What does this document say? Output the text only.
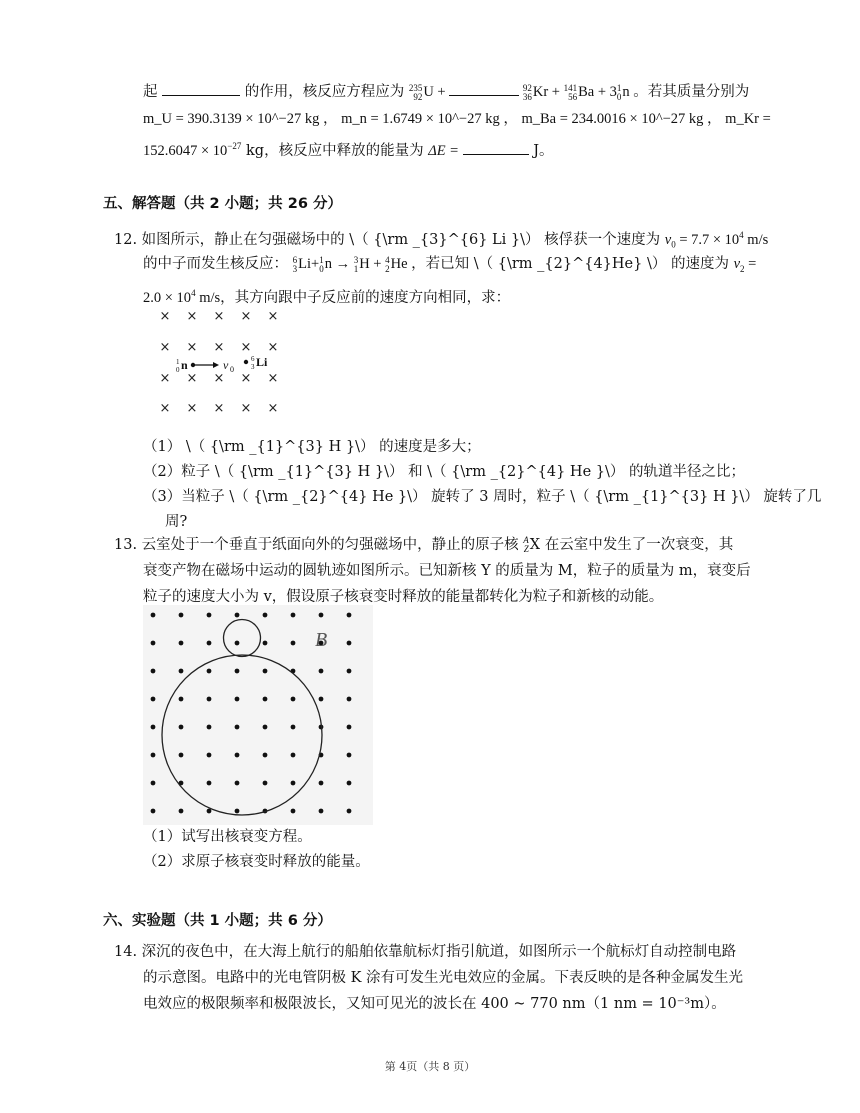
起	的作用，核反应方程应为 235
92 U +	92
36 Kr + 141
56 Ba + 3 1
0 n 。若其质量分别为
m_U = 390.3139 × 10^−27 kg ， m_n = 1.6749 × 10^−27 kg ， m_Ba = 234.0016 × 10^−27 kg ， m_Kr =
$152.6047 \times 10^{-27}$ kg，核反应中释放的能量为 ΔE =	J。
五、解答题（共 2 小题；共 26 分）
12. 如图所示，静止在匀强磁场中的 \（ {\rm _{3}^{6} Li }\） 核俘获一个速度为 $v_0 = 7.7 \times 10^4$ m/s
的中子而发生核反应： 6
3 Li+ 1
0 n → 3
1 H + 4
2 He ，若已知 \（ {\rm _{2}^{4}He} \） 的速度为 $v_2$ =
$2.0 \times 10^4$ m/s，其方向跟中子反应前的速度方向相同，求：
× × × × ×
× × × × ×
× × × × ×
× × × × ×
1
0 n	v 0
6
3 Li
（1） \（ {\rm _{1}^{3} H }\） 的速度是多大；
（2）粒子 \（ {\rm _{1}^{3} H }\） 和 \（ {\rm _{2}^{4} He }\） 的轨道半径之比；
（3）当粒子 \（ {\rm _{2}^{4} He }\） 旋转了 3 周时，粒子 \（ {\rm _{1}^{3} H }\） 旋转了几
周?
13. 云室处于一个垂直于纸面向外的匀强磁场中，静止的原子核 A
Z X 在云室中发生了一次衰变，其
衰变产物在磁场中运动的圆轨迹如图所示。已知新核 Y 的质量为 M，粒子的质量为 m，衰变后
粒子的速度大小为 v，假设原子核衰变时释放的能量都转化为粒子和新核的动能。
B
（1）试写出核衰变方程。
（2）求原子核衰变时释放的能量。
六、实验题（共 1 小题；共 6 分）
14. 深沉的夜色中，在大海上航行的船舶依靠航标灯指引航道，如图所示一个航标灯自动控制电路
的示意图。电路中的光电管阴极 K 涂有可发生光电效应的金属。下表反映的是各种金属发生光
电效应的极限频率和极限波长，又知可见光的波长在 400 ~ 770 nm（1 nm = 10⁻³m）。
第 4页（共 8 页）
